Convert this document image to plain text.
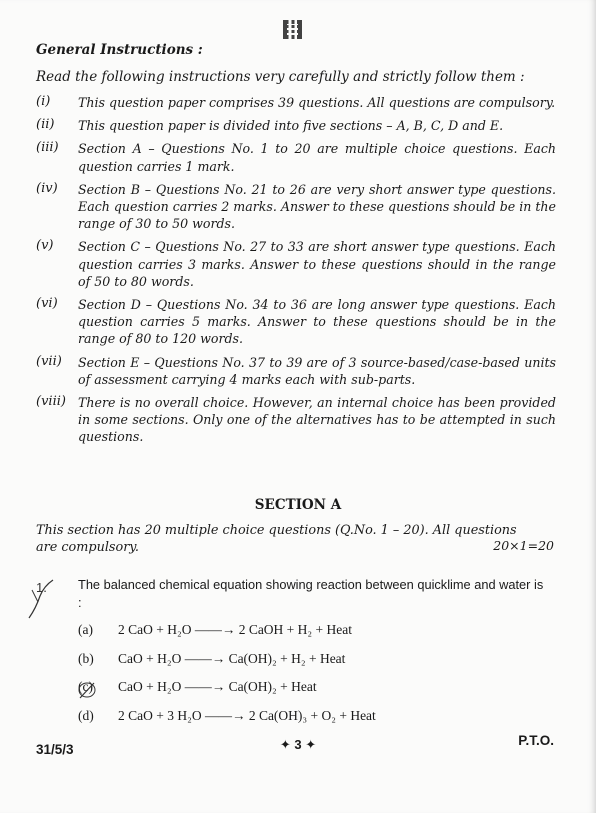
General Instructions :
Read the following instructions very carefully and strictly follow them :
(i)	This question paper comprises 39 questions. All questions are compulsory.
(ii)	This question paper is divided into five sections – A, B, C, D and E.
(iii)	Section A – Questions No. 1 to 20 are multiple choice questions. Each question carries 1 mark.
(iv)	Section B – Questions No. 21 to 26 are very short answer type questions. Each question carries 2 marks. Answer to these questions should be in the range of 30 to 50 words.
(v)	Section C – Questions No. 27 to 33 are short answer type questions. Each question carries 3 marks. Answer to these questions should in the range of 50 to 80 words.
(vi)	Section D – Questions No. 34 to 36 are long answer type questions. Each question carries 5 marks. Answer to these questions should be in the range of 80 to 120 words.
(vii)	Section E – Questions No. 37 to 39 are of 3 source-based/case-based units of assessment carrying 4 marks each with sub-parts.
(viii) There is no overall choice. However, an internal choice has been provided in some sections. Only one of the alternatives has to be attempted in such questions.
SECTION A
This section has 20 multiple choice questions (Q.No. 1 – 20). All questions are compulsory.	20×1=20
The balanced chemical equation showing reaction between quicklime and water is :
1.
(a)	2 CaO + H₂O ——→ 2 CaOH + H₂ + Heat
(b)	CaO + H₂O ——→ Ca(OH)₂ + H₂ + Heat
(c)	CaO + H₂O ——→ Ca(OH)₂ + Heat
(d)	2 CaO + 3 H₂O ——→ 2 Ca(OH)₃ + O₂ + Heat
31/5/3	✦ 3 ✦	P.T.O.
